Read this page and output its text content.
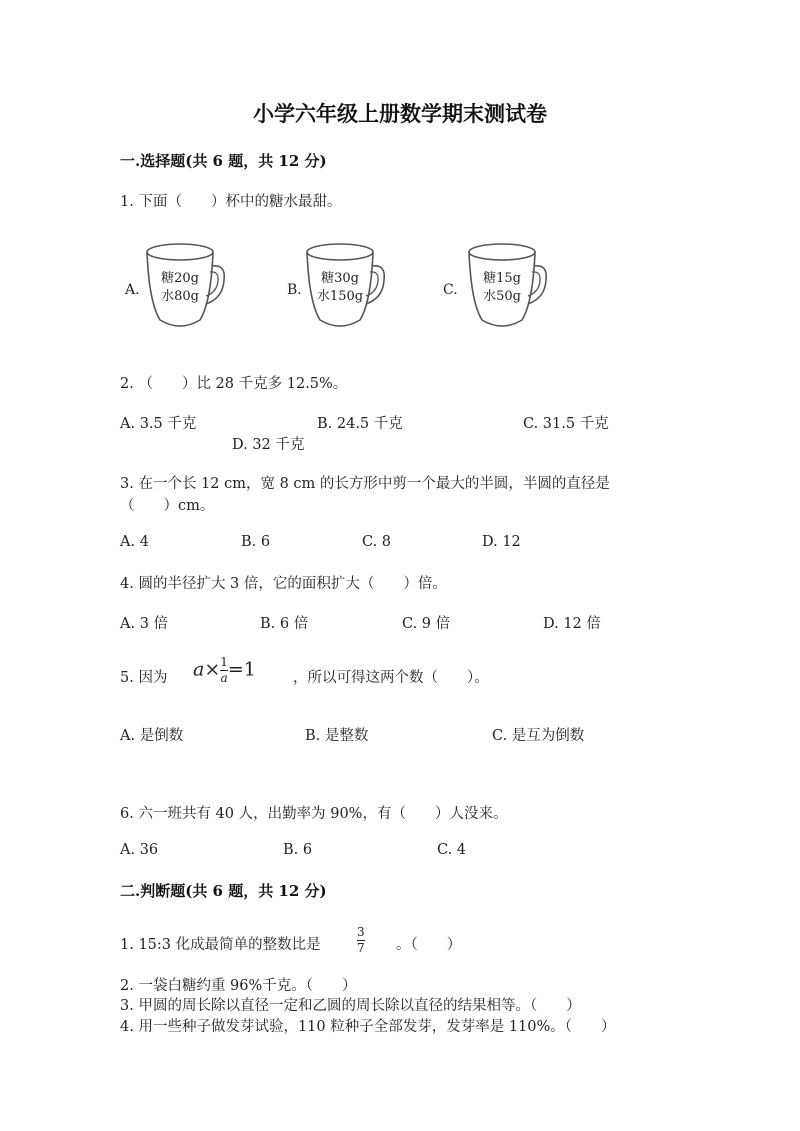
小学六年级上册数学期末测试卷
一.选择题(共 6 题，共 12 分)
1. 下面（　　）杯中的糖水最甜。
A.
糖20g
水80g	B.
糖30g
水150g	C.
糖15g
水50g
2. （　　）比 28 千克多 12.5%。
A. 3.5 千克	B. 24.5 千克	C. 31.5 千克
D. 32 千克
3. 在一个长 12 cm，宽 8 cm 的长方形中剪一个最大的半圆，半圆的直径是
（　　）cm。
A. 4	B. 6	C. 8	D. 12
4. 圆的半径扩大 3 倍，它的面积扩大（　　）倍。
A. 3 倍	B. 6 倍	C. 9 倍	D. 12 倍
5. 因为 $a\times \frac{1}{a} =1$	，所以可得这两个数（　　）。
A. 是倒数	B. 是整数	C. 是互为倒数
6. 六一班共有 40 人，出勤率为 90%，有（　　）人没来。
A. 36	B. 6	C. 4
二.判断题(共 6 题，共 12 分)
1. 15:3 化成最简单的整数比是	$\frac{3}{7}$ 。（　　）
2. 一袋白糖约重 96%千克。（　　）
3. 甲圆的周长除以直径一定和乙圆的周长除以直径的结果相等。（　　）
4. 用一些种子做发芽试验，110 粒种子全部发芽，发芽率是 110%。（　　）
